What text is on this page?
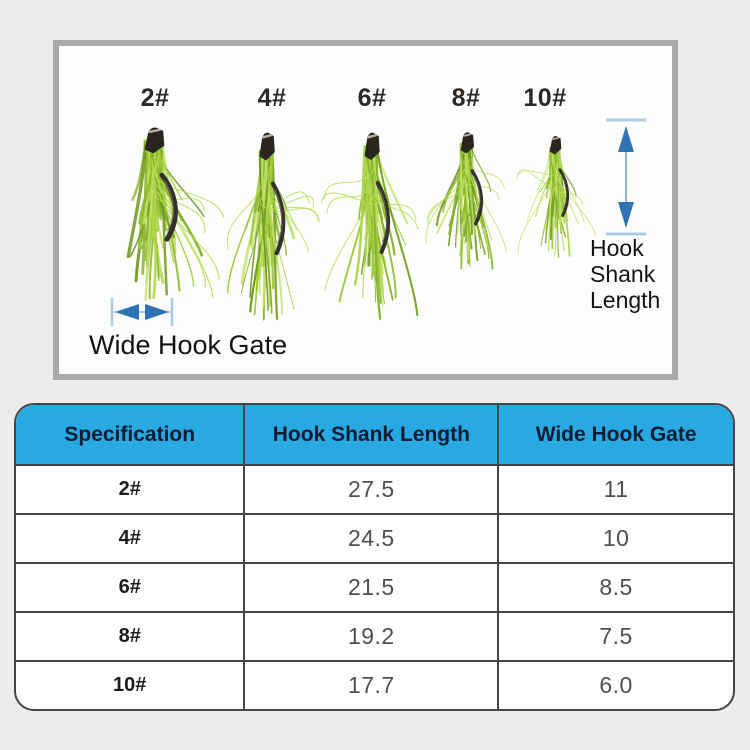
2#	4#	6#	8#	10#
Hook Shank Length
Wide Hook Gate
Specification	Hook Shank Length	Wide Hook Gate
2#	27.5	11
4#	24.5	10
6#	21.5	8.5
8#	19.2	7.5
10#	17.7	6.0
